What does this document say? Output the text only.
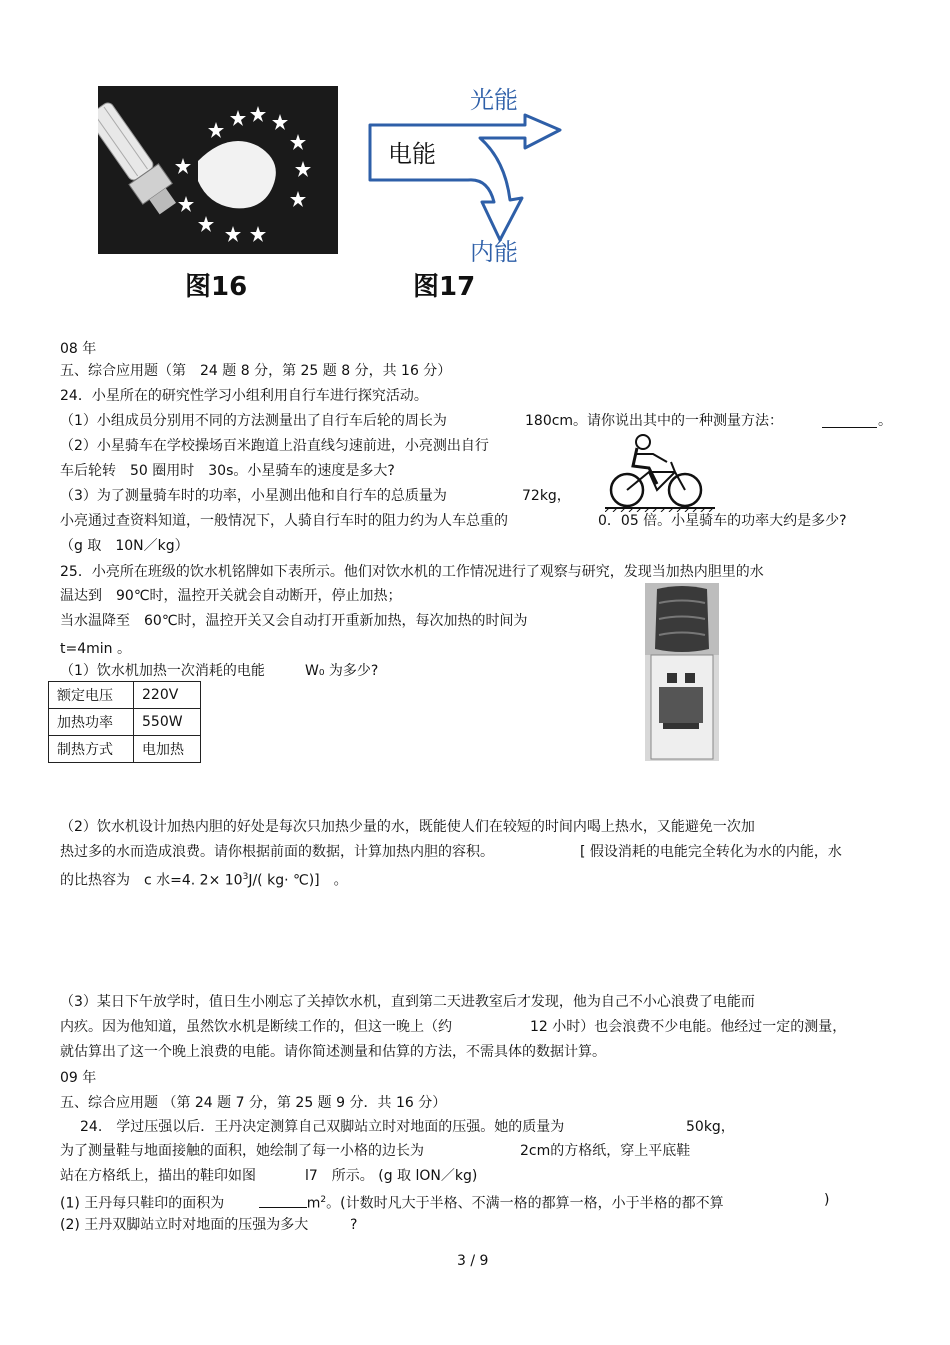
电能
光能
内能
图16	图17
08 年
五、综合应用题（第　24 题 8 分，第 25 题 8 分，共 16 分）
24．小星所在的研究性学习小组利用自行车进行探究活动。
（1）小组成员分别用不同的方法测量出了自行车后轮的周长为	180cm。请你说出其中的一种测量方法：	。
（2）小星骑车在学校操场百米跑道上沿直线匀速前进，小亮测出自行
车后轮转　50 圈用时　30s。小星骑车的速度是多大?
（3）为了测量骑车时的功率，小星测出他和自行车的总质量为	72kg，
小亮通过查资料知道，一般情况下，人骑自行车时的阻力约为人车总重的	0．05 倍。小星骑车的功率大约是多少?
（g 取　10N／kg）
25．小亮所在班级的饮水机铭牌如下表所示。他们对饮水机的工作情况进行了观察与研究，发现当加热内胆里的水
温达到　90℃时，温控开关就会自动断开，停止加热；
当水温降至　60℃时，温控开关又会自动打开重新加热，每次加热的时间为
t=4min 。
（1）饮水机加热一次消耗的电能	W₀ 为多少?
额定电压	220V
加热功率	550W
制热方式	电加热
（2）饮水机设计加热内胆的好处是每次只加热少量的水，既能使人们在较短的时间内喝上热水，又能避免一次加
热过多的水而造成浪费。请你根据前面的数据，计算加热内胆的容积。	[ 假设消耗的电能完全转化为水的内能，水
的比热容为　c 水=4. $2\times 10^3J/$( kg· ℃)]　。
（3）某日下午放学时，值日生小刚忘了关掉饮水机，直到第二天进教室后才发现，他为自己不小心浪费了电能而
内疚。因为他知道，虽然饮水机是断续工作的，但这一晚上（约	12 小时）也会浪费不少电能。他经过一定的测量，
就估算出了这一个晚上浪费的电能。请你简述测量和估算的方法，不需具体的数据计算。
09 年
五、综合应用题 （第 24 题 7 分，第 25 题 9 分．共 16 分）
24.　学过压强以后．王丹决定测算自己双脚站立时对地面的压强。她的质量为	50kg，
为了测量鞋与地面接触的面积，她绘制了每一小格的边长为	2cm的方格纸，穿上平底鞋
站在方格纸上，描出的鞋印如图	l7　所示。 (g 取 lON／kg)
(1) 王丹每只鞋印的面积为	$m^2$。(计数时凡大于半格、不满一格的都算一格，小于半格的都不算	)
(2) 王丹双脚站立时对地面的压强为多大	?
3 / 9
